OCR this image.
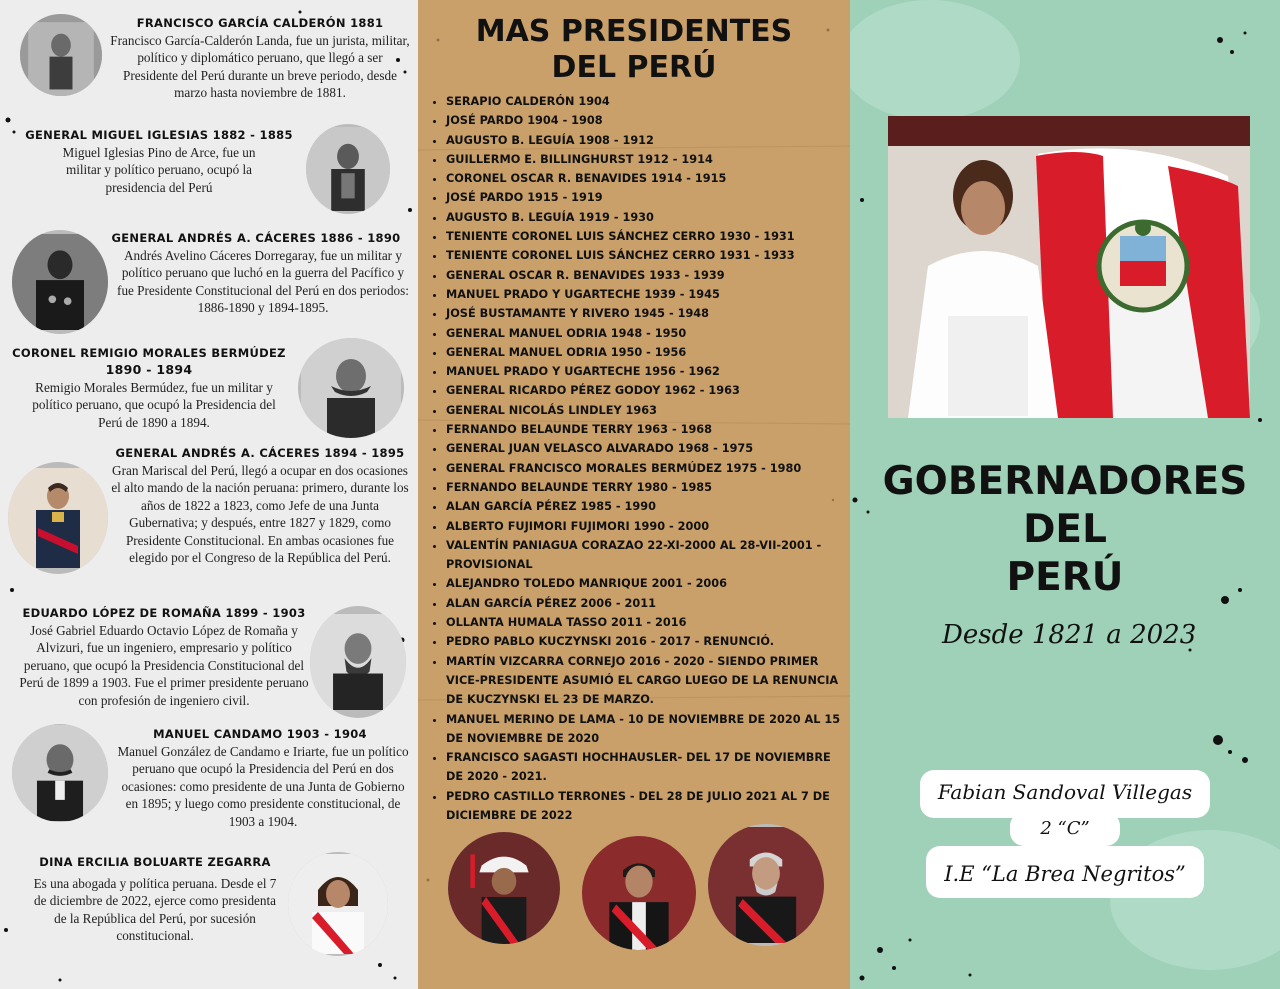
FRANCISCO GARCÍA CALDERÓN 1881
Francisco García-Calderón Landa, fue un jurista, militar, político y diplomático peruano, que llegó a ser Presidente del Perú durante un breve periodo, desde marzo hasta noviembre de 1881.
GENERAL MIGUEL IGLESIAS 1882 - 1885
Miguel Iglesias Pino de Arce, fue un militar y político peruano, ocupó la presidencia del Perú
GENERAL ANDRÉS A. CÁCERES 1886 - 1890
Andrés Avelino Cáceres Dorregaray, fue un militar y político peruano que luchó en la guerra del Pacífico y fue Presidente Constitucional del Perú en dos periodos: 1886-1890 y 1894-1895.
CORONEL REMIGIO MORALES BERMÚDEZ
1890 - 1894
Remigio Morales Bermúdez, fue un militar y político peruano, que ocupó la Presidencia del Perú de 1890 a 1894.
GENERAL ANDRÉS A. CÁCERES 1894 - 1895
Gran Mariscal del Perú, llegó a ocupar en dos ocasiones el alto mando de la nación peruana: primero, durante los años de 1822 a 1823, como Jefe de una Junta Gubernativa; y después, entre 1827 y 1829, como Presidente Constitucional. En ambas ocasiones fue elegido por el Congreso de la República del Perú.
EDUARDO LÓPEZ DE ROMAÑA 1899 - 1903
José Gabriel Eduardo Octavio López de Romaña y Alvizuri, fue un ingeniero, empresario y político peruano, que ocupó la Presidencia Constitucional del Perú de 1899 a 1903. Fue el primer presidente peruano con profesión de ingeniero civil.
MANUEL CANDAMO 1903 - 1904
Manuel González de Candamo e Iriarte, fue un político peruano que ocupó la Presidencia del Perú en dos ocasiones: como presidente de una Junta de Gobierno en 1895; y luego como presidente constitucional, de 1903 a 1904.
DINA ERCILIA BOLUARTE ZEGARRA
Es una abogada y política peruana. Desde el 7 de diciembre de 2022, ejerce como presidenta de la República del Perú, por sucesión constitucional.
MAS PRESIDENTES
DEL PERÚ
• SERAPIO CALDERÓN 1904
• JOSÉ PARDO 1904 - 1908
• AUGUSTO B. LEGUÍA 1908 - 1912
• GUILLERMO E. BILLINGHURST 1912 - 1914
• CORONEL OSCAR R. BENAVIDES 1914 - 1915
• JOSÉ PARDO 1915 - 1919
• AUGUSTO B. LEGUÍA 1919 - 1930
• TENIENTE CORONEL LUIS SÁNCHEZ CERRO 1930 - 1931
• TENIENTE CORONEL LUIS SÁNCHEZ CERRO 1931 - 1933
• GENERAL OSCAR R. BENAVIDES 1933 - 1939
• MANUEL PRADO Y UGARTECHE 1939 - 1945
• JOSÉ BUSTAMANTE Y RIVERO 1945 - 1948
• GENERAL MANUEL ODRIA 1948 - 1950
• GENERAL MANUEL ODRIA 1950 - 1956
• MANUEL PRADO Y UGARTECHE 1956 - 1962
• GENERAL RICARDO PÉREZ GODOY 1962 - 1963
• GENERAL NICOLÁS LINDLEY 1963
• FERNANDO BELAUNDE TERRY 1963 - 1968
• GENERAL JUAN VELASCO ALVARADO 1968 - 1975
• GENERAL FRANCISCO MORALES BERMÚDEZ 1975 - 1980
• FERNANDO BELAUNDE TERRY 1980 - 1985
• ALAN GARCÍA PÉREZ 1985 - 1990
• ALBERTO FUJIMORI FUJIMORI 1990 - 2000
• VALENTÍN PANIAGUA CORAZAO 22-XI-2000 AL 28-VII-2001 - PROVISIONAL
• ALEJANDRO TOLEDO MANRIQUE 2001 - 2006
• ALAN GARCÍA PÉREZ 2006 - 2011
• OLLANTA HUMALA TASSO 2011 - 2016
• PEDRO PABLO KUCZYNSKI 2016 - 2017 - RENUNCIÓ.
• MARTÍN VIZCARRA CORNEJO 2016 - 2020 - SIENDO PRIMER VICE-PRESIDENTE ASUMIÓ EL CARGO LUEGO DE LA RENUNCIA DE KUCZYNSKI EL 23 DE MARZO.
• MANUEL MERINO DE LAMA - 10 DE NOVIEMBRE DE 2020 AL 15 DE NOVIEMBRE DE 2020
• FRANCISCO SAGASTI HOCHHAUSLER- DEL 17 DE NOVIEMBRE DE 2020 - 2021.
• PEDRO CASTILLO TERRONES - DEL 28 DE JULIO 2021 AL 7 DE DICIEMBRE DE 2022
GOBERNADORES
DEL
PERÚ
Desde 1821 a 2023
Fabian Sandoval Villegas
2 “C”
I.E “La Brea Negritos”
